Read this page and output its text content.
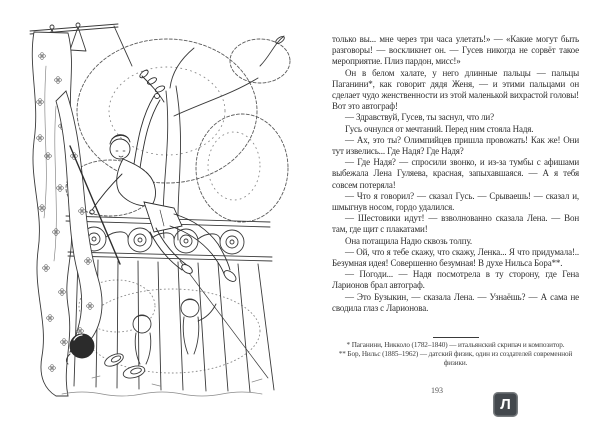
только вы... мне через три часа улетать!» — «Какие могут быть разговоры! — воскликнет он. — Гусев никогда не сорвёт такое мероприятие. Плиз пардон, мисс!»

Он в белом халате, у него длинные пальцы — пальцы Паганини*, как говорит дядя Женя, — и этими пальцами он сделает чудо женственности из этой маленькой вихрастой головы! Вот это автограф!

— Здравствуй, Гусев, ты заснул, что ли?

Гусь очнулся от мечтаний. Перед ним стояла Надя.

— Ах, это ты? Олимпийцев пришла провожать! Как же! Они тут извелись... Где Надя? Где Надя?

— Где Надя? — спросили звонко, и из-за тумбы с афишами выбежала Лена Гуляева, красная, запыхавшаяся. — А я тебя совсем потеряла!

— Что я говорил? — сказал Гусь. — Срываешь! — сказал и, шмыгнув носом, гордо удалился.

— Шестовики идут! — взволнованно сказала Лена. — Вон там, где щит с плакатами!

Она потащила Надю сквозь толпу.

— Ой, что я тебе скажу, что скажу, Ленка... Я что придумала!.. Безумная идея! Совершенно безумная! В духе Нильса Бора**.

— Погоди... — Надя посмотрела в ту сторону, где Гена Ларионов брал автограф.

— Это Бузыкин, — сказала Лена. — Узнаёшь? — А сама не сводила глаз с Ларионова.

* Паганини, Никколо (1782–1840) — итальянский скрипач и композитор.
** Бор, Нильс (1885–1962) — датский физик, один из создателей современной физики.
193
Л
